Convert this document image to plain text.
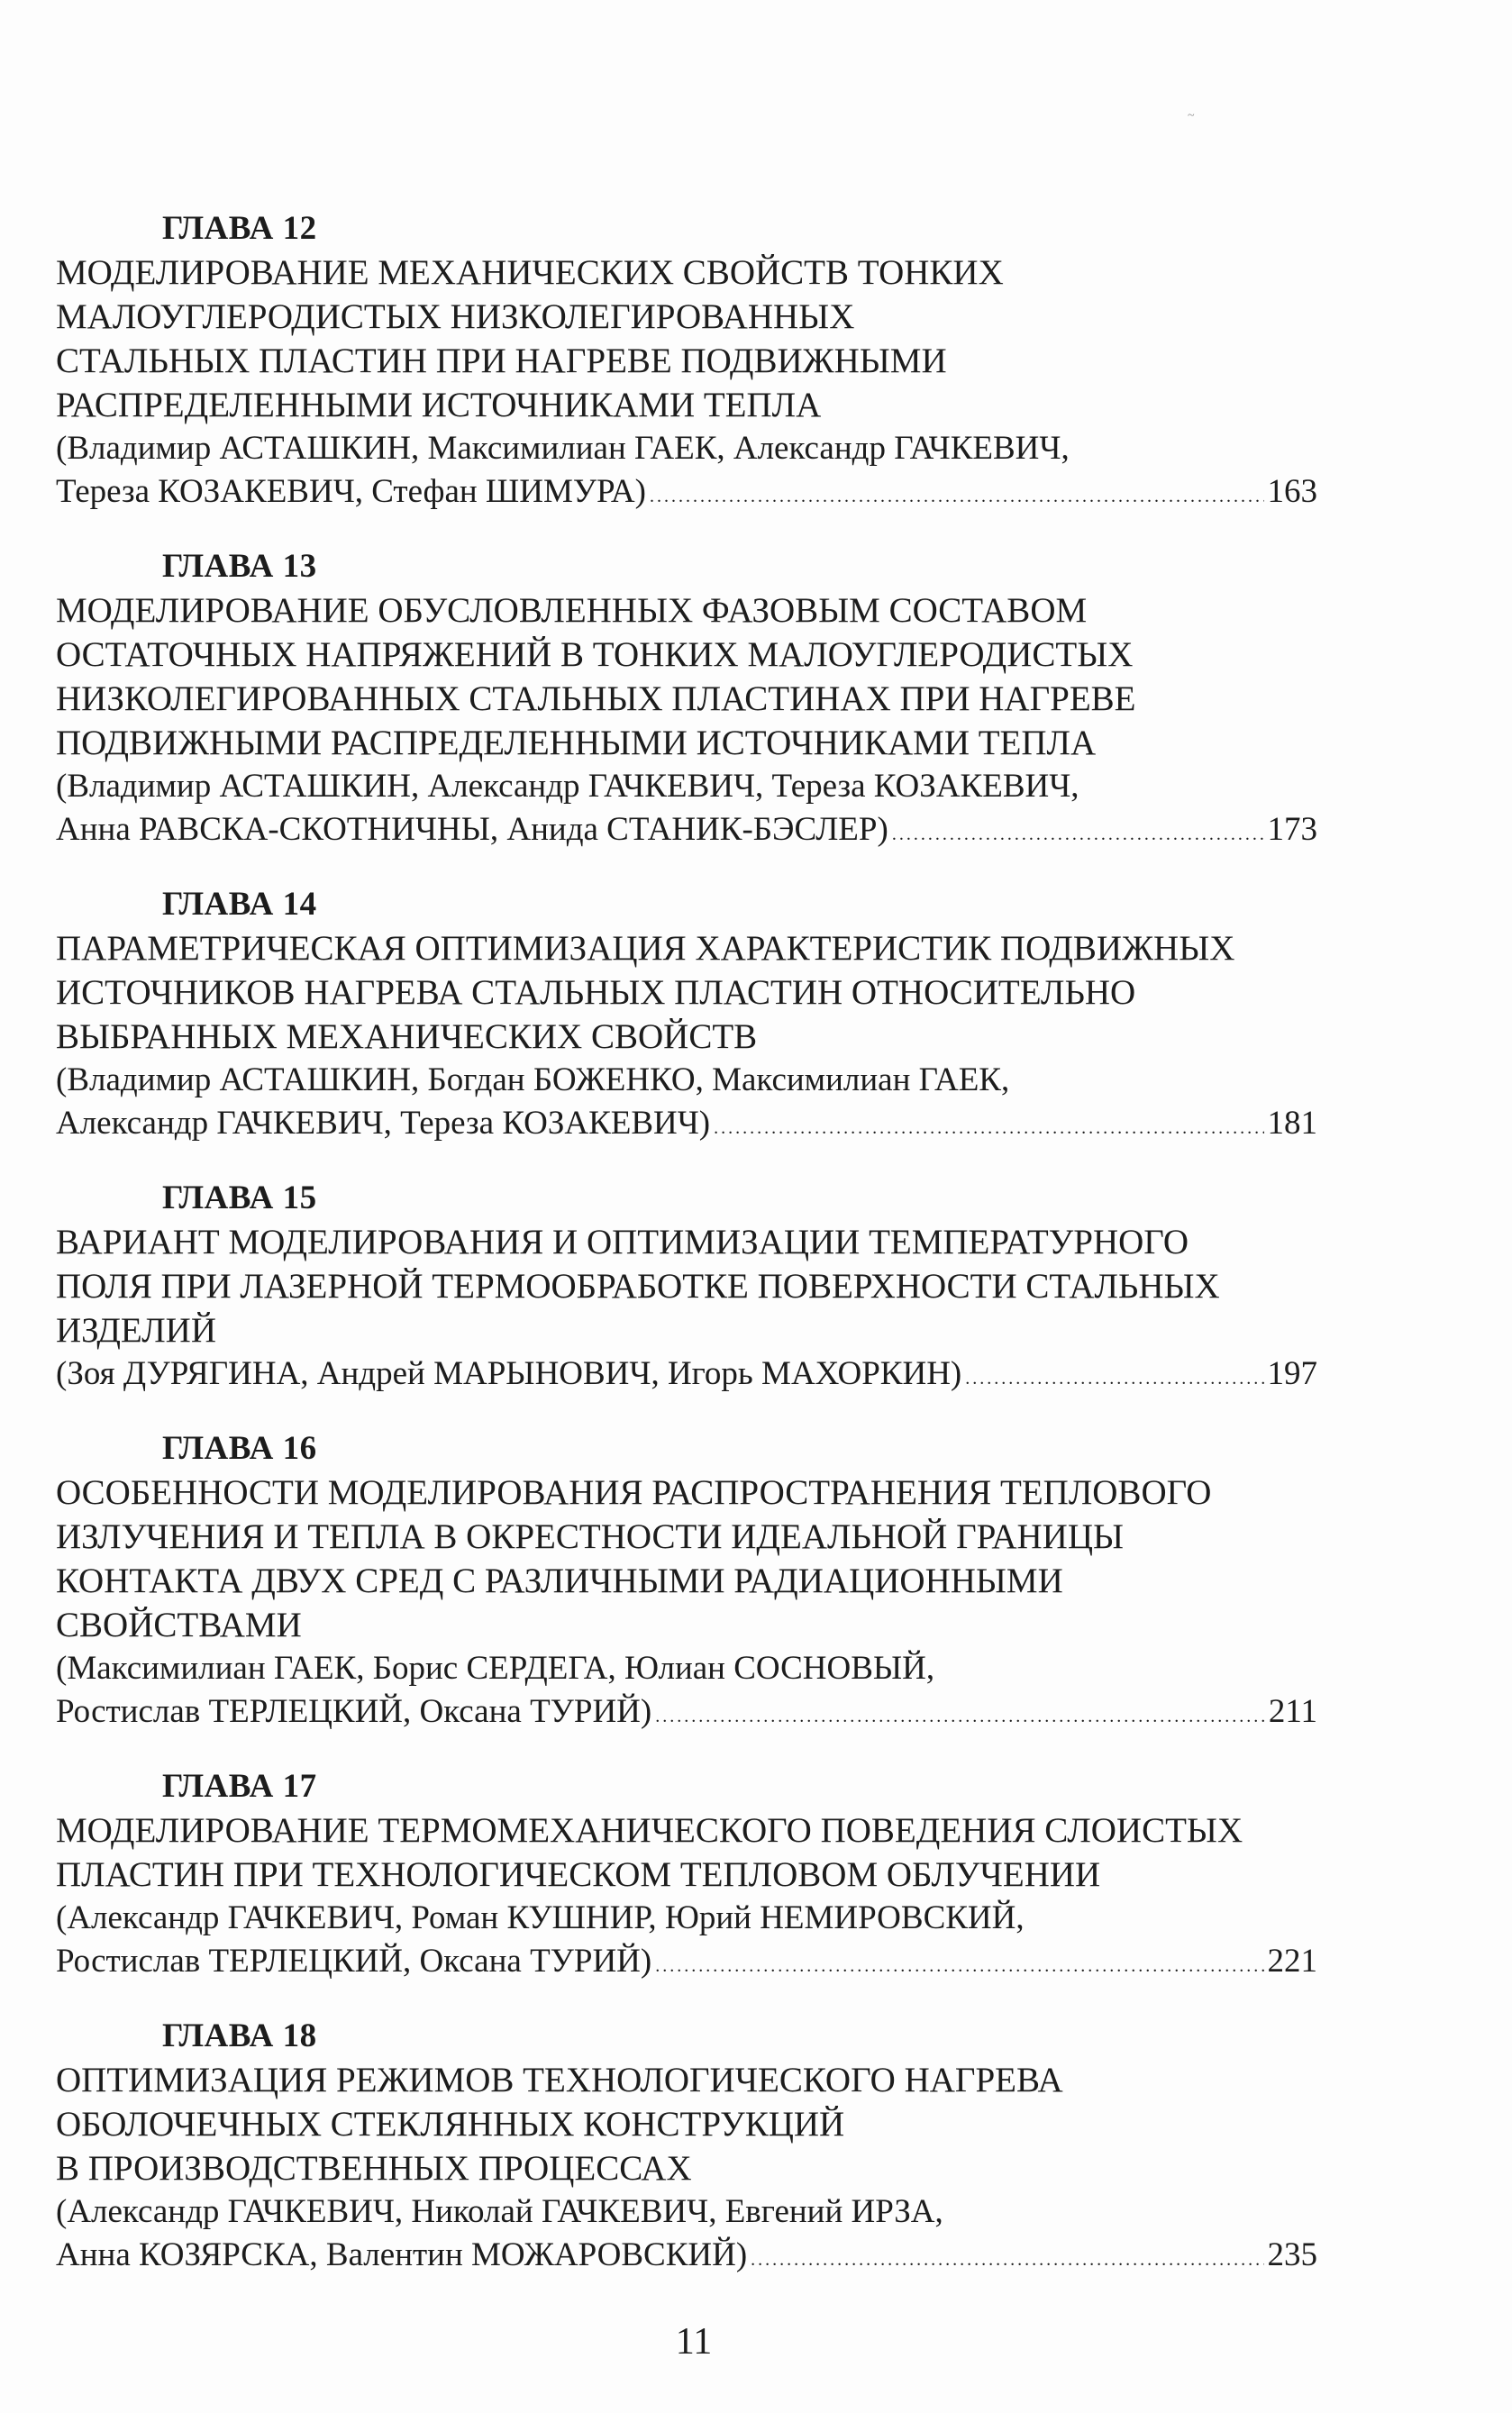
~
ГЛАВА 12
МОДЕЛИРОВАНИЕ МЕХАНИЧЕСКИХ СВОЙСТВ ТОНКИХ
МАЛОУГЛЕРОДИСТЫХ НИЗКОЛЕГИРОВАННЫХ
СТАЛЬНЫХ ПЛАСТИН ПРИ НАГРЕВЕ ПОДВИЖНЫМИ
РАСПРЕДЕЛЕННЫМИ ИСТОЧНИКАМИ ТЕПЛА
(Владимир АСТАШКИН, Максимилиан ГАЕК, Александр ГАЧКЕВИЧ,
Тереза КОЗАКЕВИЧ, Стефан ШИМУРА) . . .	163
ГЛАВА 13
МОДЕЛИРОВАНИЕ ОБУСЛОВЛЕННЫХ ФАЗОВЫМ СОСТАВОМ
ОСТАТОЧНЫХ НАПРЯЖЕНИЙ В ТОНКИХ МАЛОУГЛЕРОДИСТЫХ
НИЗКОЛЕГИРОВАННЫХ СТАЛЬНЫХ ПЛАСТИНАХ ПРИ НАГРЕВЕ
ПОДВИЖНЫМИ РАСПРЕДЕЛЕННЫМИ ИСТОЧНИКАМИ ТЕПЛА
(Владимир АСТАШКИН, Александр ГАЧКЕВИЧ, Тереза КОЗАКЕВИЧ,
Анна РАВСКА-СКОТНИЧНЫ, Анида СТАНИК-БЭСЛЕР) . . .	173
ГЛАВА 14
ПАРАМЕТРИЧЕСКАЯ ОПТИМИЗАЦИЯ ХАРАКТЕРИСТИК ПОДВИЖНЫХ
ИСТОЧНИКОВ НАГРЕВА СТАЛЬНЫХ ПЛАСТИН ОТНОСИТЕЛЬНО
ВЫБРАННЫХ МЕХАНИЧЕСКИХ СВОЙСТВ
(Владимир АСТАШКИН, Богдан БОЖЕНКО, Максимилиан ГАЕК,
Александр ГАЧКЕВИЧ, Тереза КОЗАКЕВИЧ) . . .	181
ГЛАВА 15
ВАРИАНТ МОДЕЛИРОВАНИЯ И ОПТИМИЗАЦИИ ТЕМПЕРАТУРНОГО
ПОЛЯ ПРИ ЛАЗЕРНОЙ ТЕРМООБРАБОТКЕ ПОВЕРХНОСТИ СТАЛЬНЫХ
ИЗДЕЛИЙ
(Зоя ДУРЯГИНА, Андрей МАРЫНОВИЧ, Игорь МАХОРКИН) . . .	197
ГЛАВА 16
ОСОБЕННОСТИ МОДЕЛИРОВАНИЯ РАСПРОСТРАНЕНИЯ ТЕПЛОВОГО
ИЗЛУЧЕНИЯ И ТЕПЛА В ОКРЕСТНОСТИ ИДЕАЛЬНОЙ ГРАНИЦЫ
КОНТАКТА ДВУХ СРЕД С РАЗЛИЧНЫМИ РАДИАЦИОННЫМИ
СВОЙСТВАМИ
(Максимилиан ГАЕК, Борис СЕРДЕГА, Юлиан СОСНОВЫЙ,
Ростислав ТЕРЛЕЦКИЙ, Оксана ТУРИЙ) . . .	211
ГЛАВА 17
МОДЕЛИРОВАНИЕ ТЕРМОМЕХАНИЧЕСКОГО ПОВЕДЕНИЯ СЛОИСТЫХ
ПЛАСТИН ПРИ ТЕХНОЛОГИЧЕСКОМ ТЕПЛОВОМ ОБЛУЧЕНИИ
(Александр ГАЧКЕВИЧ, Роман КУШНИР, Юрий НЕМИРОВСКИЙ,
Ростислав ТЕРЛЕЦКИЙ, Оксана ТУРИЙ) . . .	221
ГЛАВА 18
ОПТИМИЗАЦИЯ РЕЖИМОВ ТЕХНОЛОГИЧЕСКОГО НАГРЕВА
ОБОЛОЧЕЧНЫХ СТЕКЛЯННЫХ КОНСТРУКЦИЙ
В ПРОИЗВОДСТВЕННЫХ ПРОЦЕССАХ
(Александр ГАЧКЕВИЧ, Николай ГАЧКЕВИЧ, Евгений ИРЗА,
Анна КОЗЯРСКА, Валентин МОЖАРОВСКИЙ) . . .	235
11
